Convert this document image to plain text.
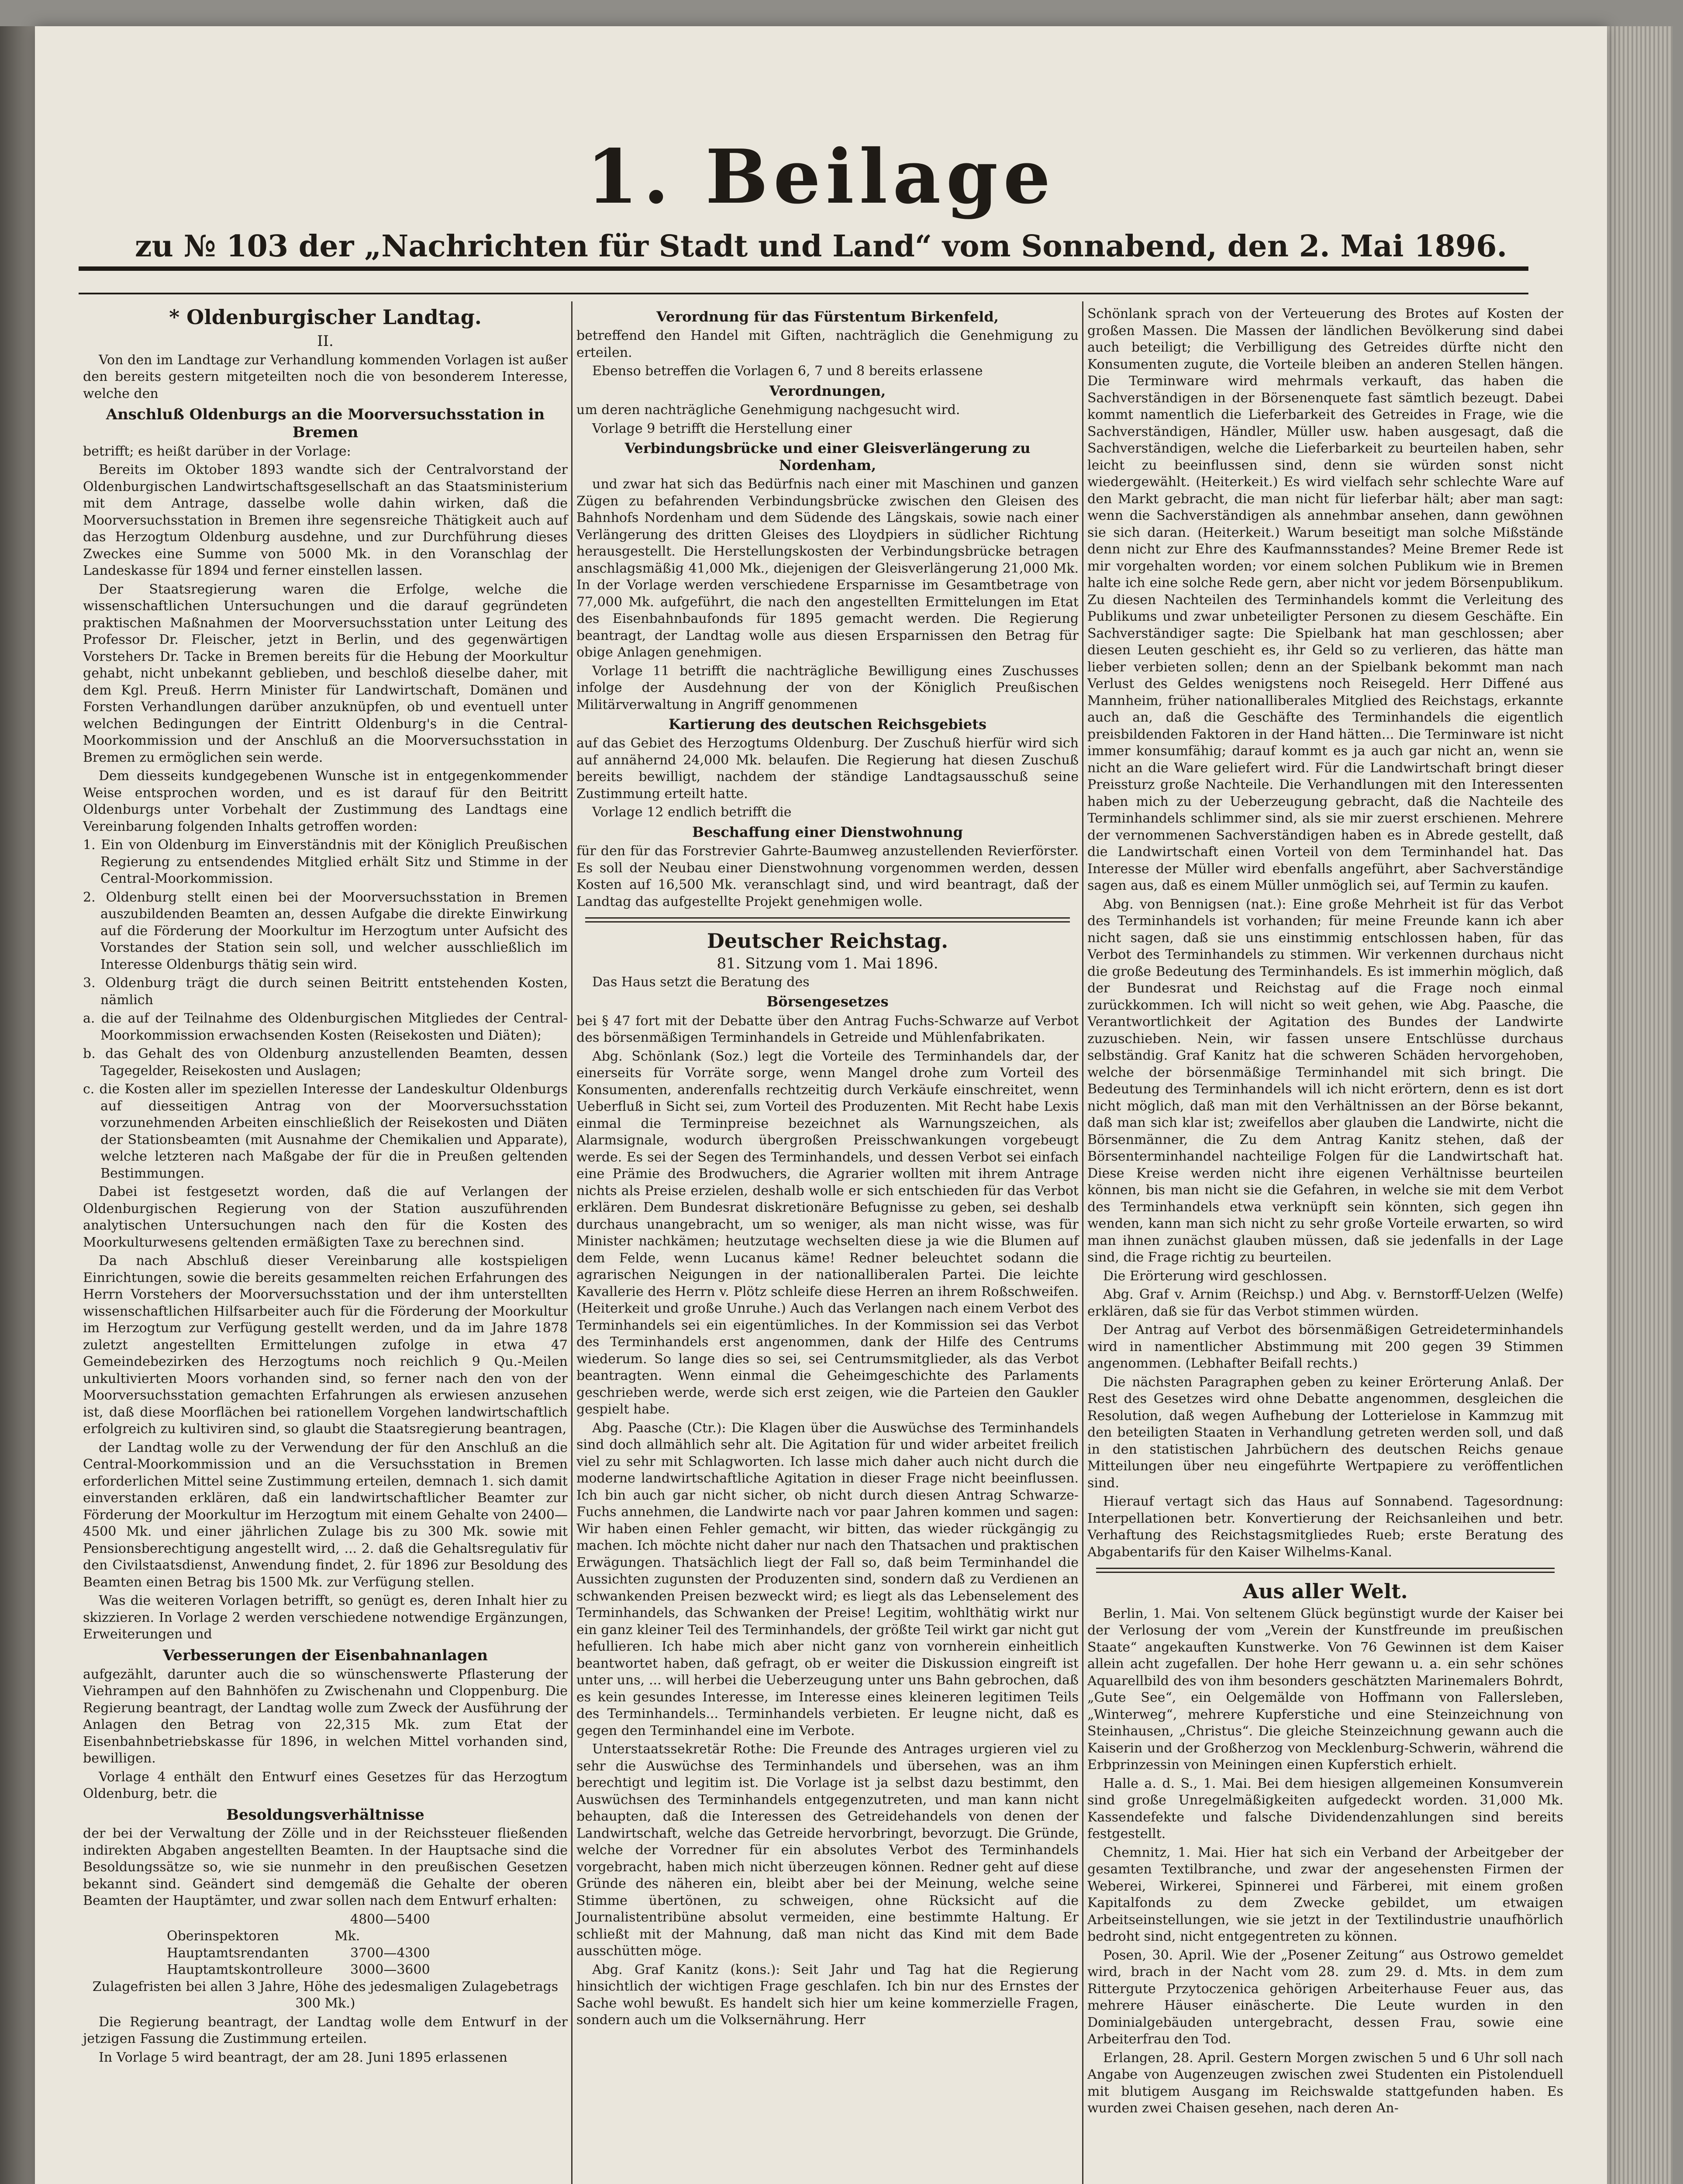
1. Beilage
zu № 103 der „Nachrichten für Stadt und Land“ vom Sonnabend, den 2. Mai 1896.
* Oldenburgischer Landtag.
II.

Von den im Landtage zur Verhandlung kommenden Vorlagen ist außer den bereits gestern mitgeteilten noch die von besonderem Interesse, welche den

Anschluß Oldenburgs an die Moorversuchsstation in Bremen

betrifft; es heißt darüber in der Vorlage:

Bereits im Oktober 1893 wandte sich der Centralvorstand der Oldenburgischen Landwirtschaftsgesellschaft an das Staatsministerium mit dem Antrage, dasselbe wolle dahin wirken, daß die Moorversuchsstation in Bremen ihre segensreiche Thätigkeit auch auf das Herzogtum Oldenburg ausdehne, und zur Durchführung dieses Zweckes eine Summe von 5000 Mk. in den Voranschlag der Landeskasse für 1894 und ferner einstellen lassen.

Der Staatsregierung waren die Erfolge, welche die wissenschaftlichen Untersuchungen und die darauf gegründeten praktischen Maßnahmen der Moorversuchsstation unter Leitung des Professor Dr. Fleischer, jetzt in Berlin, und des gegenwärtigen Vorstehers Dr. Tacke in Bremen bereits für die Hebung der Moorkultur gehabt, nicht unbekannt geblieben, und beschloß dieselbe daher, mit dem Kgl. Preuß. Herrn Minister für Landwirtschaft, Domänen und Forsten Verhandlungen darüber anzuknüpfen, ob und eventuell unter welchen Bedingungen der Eintritt Oldenburg's in die Central-Moorkommission und der Anschluß an die Moorversuchsstation in Bremen zu ermöglichen sein werde.

Dem diesseits kundgegebenen Wunsche ist in entgegenkommender Weise entsprochen worden, und es ist darauf für den Beitritt Oldenburgs unter Vorbehalt der Zustimmung des Landtags eine Vereinbarung folgenden Inhalts getroffen worden:

1. Ein von Oldenburg im Einverständnis mit der Königlich Preußischen Regierung zu entsendendes Mitglied erhält Sitz und Stimme in der Central-Moorkommission.

2. Oldenburg stellt einen bei der Moorversuchsstation in Bremen auszubildenden Beamten an, dessen Aufgabe die direkte Einwirkung auf die Förderung der Moorkultur im Herzogtum unter Aufsicht des Vorstandes der Station sein soll, und welcher ausschließlich im Interesse Oldenburgs thätig sein wird.

3. Oldenburg trägt die durch seinen Beitritt entstehenden Kosten, nämlich

a. die auf der Teilnahme des Oldenburgischen Mitgliedes der Central-Moorkommission erwachsenden Kosten (Reisekosten und Diäten);

b. das Gehalt des von Oldenburg anzustellenden Beamten, dessen Tagegelder, Reisekosten und Auslagen;

c. die Kosten aller im speziellen Interesse der Landeskultur Oldenburgs auf diesseitigen Antrag von der Moorversuchsstation vorzunehmenden Arbeiten einschließlich der Reisekosten und Diäten der Stationsbeamten (mit Ausnahme der Chemikalien und Apparate), welche letzteren nach Maßgabe der für die in Preußen geltenden Bestimmungen.

Dabei ist festgesetzt worden, daß die auf Verlangen der Oldenburgischen Regierung von der Station auszuführenden analytischen Untersuchungen nach den für die Kosten des Moorkulturwesens geltenden ermäßigten Taxe zu berechnen sind.

Da nach Abschluß dieser Vereinbarung alle kostspieligen Einrichtungen, sowie die bereits gesammelten reichen Erfahrungen des Herrn Vorstehers der Moorversuchsstation und der ihm unterstellten wissenschaftlichen Hilfsarbeiter auch für die Förderung der Moorkultur im Herzogtum zur Verfügung gestellt werden, und da im Jahre 1878 zuletzt angestellten Ermittelungen zufolge in etwa 47 Gemeindebezirken des Herzogtums noch reichlich 9 Qu.-Meilen unkultivierten Moors vorhanden sind, so ferner nach den von der Moorversuchsstation gemachten Erfahrungen als erwiesen anzusehen ist, daß diese Moorflächen bei rationellem Vorgehen landwirtschaftlich erfolgreich zu kultiviren sind, so glaubt die Staatsregierung beantragen,

der Landtag wolle zu der Verwendung der für den Anschluß an die Central-Moorkommission und an die Versuchsstation in Bremen erforderlichen Mittel seine Zustimmung erteilen, demnach 1. sich damit einverstanden erklären, daß ein landwirtschaftlicher Beamter zur Förderung der Moorkultur im Herzogtum mit einem Gehalte von 2400—4500 Mk. und einer jährlichen Zulage bis zu 300 Mk. sowie mit Pensionsberechtigung angestellt wird, ... 2. daß die Gehaltsregulativ für den Civilstaatsdienst, Anwendung findet, 2. für 1896 zur Besoldung des Beamten einen Betrag bis 1500 Mk. zur Verfügung stellen.

Was die weiteren Vorlagen betrifft, so genügt es, deren Inhalt hier zu skizzieren. In Vorlage 2 werden verschiedene notwendige Ergänzungen, Erweiterungen und

Verbesserungen der Eisenbahnanlagen

aufgezählt, darunter auch die so wünschenswerte Pflasterung der Viehrampen auf den Bahnhöfen zu Zwischenahn und Cloppenburg. Die Regierung beantragt, der Landtag wolle zum Zweck der Ausführung der Anlagen den Betrag von 22,315 Mk. zum Etat der Eisenbahnbetriebskasse für 1896, in welchen Mittel vorhanden sind, bewilligen.

Vorlage 4 enthält den Entwurf eines Gesetzes für das Herzogtum Oldenburg, betr. die

Besoldungsverhältnisse

der bei der Verwaltung der Zölle und in der Reichssteuer fließenden indirekten Abgaben angestellten Beamten. In der Hauptsache sind die Besoldungssätze so, wie sie nunmehr in den preußischen Gesetzen bekannt sind. Geändert sind demgemäß die Gehalte der oberen Beamten der Hauptämter, und zwar sollen nach dem Entwurf erhalten:

Oberinspektoren4800—5400 Mk.

Hauptamtsrendanten	3700—4300

Hauptamtskontrolleure 3000—3600

Zulagefristen bei allen 3 Jahre, Höhe des jedesmaligen Zulagebetrags 300 Mk.)

Die Regierung beantragt, der Landtag wolle dem Entwurf in der jetzigen Fassung die Zustimmung erteilen.

In Vorlage 5 wird beantragt, der am 28. Juni 1895 erlassenen

Verordnung für das Fürstentum Birkenfeld,

betreffend den Handel mit Giften, nachträglich die Genehmigung zu erteilen.

Ebenso betreffen die Vorlagen 6, 7 und 8 bereits erlassene

Verordnungen,

um deren nachträgliche Genehmigung nachgesucht wird.

Vorlage 9 betrifft die Herstellung einer

Verbindungsbrücke und einer Gleisverlängerung zu Nordenham,

und zwar hat sich das Bedürfnis nach einer mit Maschinen und ganzen Zügen zu befahrenden Verbindungsbrücke zwischen den Gleisen des Bahnhofs Nordenham und dem Südende des Längskais, sowie nach einer Verlängerung des dritten Gleises des Lloydpiers in südlicher Richtung herausgestellt. Die Herstellungskosten der Verbindungsbrücke betragen anschlagsmäßig 41,000 Mk., diejenigen der Gleisverlängerung 21,000 Mk. In der Vorlage werden verschiedene Ersparnisse im Gesamtbetrage von 77,000 Mk. aufgeführt, die nach den angestellten Ermittelungen im Etat des Eisenbahnbaufonds für 1895 gemacht werden. Die Regierung beantragt, der Landtag wolle aus diesen Ersparnissen den Betrag für obige Anlagen genehmigen.

Vorlage 11 betrifft die nachträgliche Bewilligung eines Zuschusses infolge der Ausdehnung der von der Königlich Preußischen Militärverwaltung in Angriff genommenen

Kartierung des deutschen Reichsgebiets

auf das Gebiet des Herzogtums Oldenburg. Der Zuschuß hierfür wird sich auf annähernd 24,000 Mk. belaufen. Die Regierung hat diesen Zuschuß bereits bewilligt, nachdem der ständige Landtagsausschuß seine Zustimmung erteilt hatte.

Vorlage 12 endlich betrifft die

Beschaffung einer Dienstwohnung

für den für das Forstrevier Gahrte-Baumweg anzustellenden Revierförster. Es soll der Neubau einer Dienstwohnung vorgenommen werden, dessen Kosten auf 16,500 Mk. veranschlagt sind, und wird beantragt, daß der Landtag das aufgestellte Projekt genehmigen wolle.

Deutscher Reichstag.

81. Sitzung vom 1. Mai 1896.

Das Haus setzt die Beratung des

Börsengesetzes

bei § 47 fort mit der Debatte über den Antrag Fuchs-Schwarze auf Verbot des börsenmäßigen Terminhandels in Getreide und Mühlenfabrikaten.

Abg. Schönlank (Soz.) legt die Vorteile des Terminhandels dar, der einerseits für Vorräte sorge, wenn Mangel drohe zum Vorteil des Konsumenten, anderenfalls rechtzeitig durch Verkäufe einschreitet, wenn Ueberfluß in Sicht sei, zum Vorteil des Produzenten. Mit Recht habe Lexis einmal die Terminpreise bezeichnet als Warnungszeichen, als Alarmsignale, wodurch übergroßen Preisschwankungen vorgebeugt werde. Es sei der Segen des Terminhandels, und dessen Verbot sei einfach eine Prämie des Brodwuchers, die Agrarier wollten mit ihrem Antrage nichts als Preise erzielen, deshalb wolle er sich entschieden für das Verbot erklären. Dem Bundesrat diskretionäre Befugnisse zu geben, sei deshalb durchaus unangebracht, um so weniger, als man nicht wisse, was für Minister nachkämen; heutzutage wechselten diese ja wie die Blumen auf dem Felde, wenn Lucanus käme! Redner beleuchtet sodann die agrarischen Neigungen in der nationalliberalen Partei. Die leichte Kavallerie des Herrn v. Plötz schleife diese Herren an ihrem Roßschweifen. (Heiterkeit und große Unruhe.) Auch das Verlangen nach einem Verbot des Terminhandels sei ein eigentümliches. In der Kommission sei das Verbot des Terminhandels erst angenommen, dank der Hilfe des Centrums wiederum. So lange dies so sei, sei Centrumsmitglieder, als das Verbot beantragten. Wenn einmal die Geheimgeschichte des Parlaments geschrieben werde, werde sich erst zeigen, wie die Parteien den Gaukler gespielt habe.

Abg. Paasche (Ctr.): Die Klagen über die Auswüchse des Terminhandels sind doch allmählich sehr alt. Die Agitation für und wider arbeitet freilich viel zu sehr mit Schlagworten. Ich lasse mich daher auch nicht durch die moderne landwirtschaftliche Agitation in dieser Frage nicht beeinflussen. Ich bin auch gar nicht sicher, ob nicht durch diesen Antrag Schwarze-Fuchs annehmen, die Landwirte nach vor paar Jahren kommen und sagen: Wir haben einen Fehler gemacht, wir bitten, das wieder rückgängig zu machen. Ich möchte nicht daher nur nach den Thatsachen und praktischen Erwägungen. Thatsächlich liegt der Fall so, daß beim Terminhandel die Aussichten zugunsten der Produzenten sind, sondern daß zu Verdienen an schwankenden Preisen bezweckt wird; es liegt als das Lebenselement des Terminhandels, das Schwanken der Preise! Legitim, wohlthätig wirkt nur ein ganz kleiner Teil des Terminhandels, der größte Teil wirkt gar nicht gut hefullieren. Ich habe mich aber nicht ganz von vornherein einheitlich beantwortet haben, daß gefragt, ob er weiter die Diskussion eingreift ist unter uns, ... will herbei die Ueberzeugung unter uns Bahn gebrochen, daß es kein gesundes Interesse, im Interesse eines kleineren legitimen Teils des Terminhandels... Terminhandels verbieten. Er leugne nicht, daß es gegen den Terminhandel eine im Verbote.

Unterstaatssekretär Rothe: Die Freunde des Antrages urgieren viel zu sehr die Auswüchse des Terminhandels und übersehen, was an ihm berechtigt und legitim ist. Die Vorlage ist ja selbst dazu bestimmt, den Auswüchsen des Terminhandels entgegenzutreten, und man kann nicht behaupten, daß die Interessen des Getreidehandels von denen der Landwirtschaft, welche das Getreide hervorbringt, bevorzugt. Die Gründe, welche der Vorredner für ein absolutes Verbot des Terminhandels vorgebracht, haben mich nicht überzeugen können. Redner geht auf diese Gründe des näheren ein, bleibt aber bei der Meinung, welche seine Stimme übertönen, zu schweigen, ohne Rücksicht auf die Journalistentribüne absolut vermeiden, eine bestimmte Haltung. Er schließt mit der Mahnung, daß man nicht das Kind mit dem Bade ausschütten möge.

Abg. Graf Kanitz (kons.): Seit Jahr und Tag hat die Regierung hinsichtlich der wichtigen Frage geschlafen. Ich bin nur des Ernstes der Sache wohl bewußt. Es handelt sich hier um keine kommerzielle Fragen, sondern auch um die Volksernährung. Herr

Schönlank sprach von der Verteuerung des Brotes auf Kosten der großen Massen. Die Massen der ländlichen Bevölkerung sind dabei auch beteiligt; die Verbilligung des Getreides dürfte nicht den Konsumenten zugute, die Vorteile bleiben an anderen Stellen hängen. Die Terminware wird mehrmals verkauft, das haben die Sachverständigen in der Börsenenquete fast sämtlich bezeugt. Dabei kommt namentlich die Lieferbarkeit des Getreides in Frage, wie die Sachverständigen, Händler, Müller usw. haben ausgesagt, daß die Sachverständigen, welche die Lieferbarkeit zu beurteilen haben, sehr leicht zu beeinflussen sind, denn sie würden sonst nicht wiedergewählt. (Heiterkeit.) Es wird vielfach sehr schlechte Ware auf den Markt gebracht, die man nicht für lieferbar hält; aber man sagt: wenn die Sachverständigen als annehmbar ansehen, dann gewöhnen sie sich daran. (Heiterkeit.) Warum beseitigt man solche Mißstände denn nicht zur Ehre des Kaufmannsstandes? Meine Bremer Rede ist mir vorgehalten worden; vor einem solchen Publikum wie in Bremen halte ich eine solche Rede gern, aber nicht vor jedem Börsenpublikum. Zu diesen Nachteilen des Terminhandels kommt die Verleitung des Publikums und zwar unbeteiligter Personen zu diesem Geschäfte. Ein Sachverständiger sagte: Die Spielbank hat man geschlossen; aber diesen Leuten geschieht es, ihr Geld so zu verlieren, das hätte man lieber verbieten sollen; denn an der Spielbank bekommt man nach Verlust des Geldes wenigstens noch Reisegeld. Herr Diffené aus Mannheim, früher nationalliberales Mitglied des Reichstags, erkannte auch an, daß die Geschäfte des Terminhandels die eigentlich preisbildenden Faktoren in der Hand hätten... Die Terminware ist nicht immer konsumfähig; darauf kommt es ja auch gar nicht an, wenn sie nicht an die Ware geliefert wird. Für die Landwirtschaft bringt dieser Preissturz große Nachteile. Die Verhandlungen mit den Interessenten haben mich zu der Ueberzeugung gebracht, daß die Nachteile des Terminhandels schlimmer sind, als sie mir zuerst erschienen. Mehrere der vernommenen Sachverständigen haben es in Abrede gestellt, daß die Landwirtschaft einen Vorteil von dem Terminhandel hat. Das Interesse der Müller wird ebenfalls angeführt, aber Sachverständige sagen aus, daß es einem Müller unmöglich sei, auf Termin zu kaufen.

Abg. von Bennigsen (nat.): Eine große Mehrheit ist für das Verbot des Terminhandels ist vorhanden; für meine Freunde kann ich aber nicht sagen, daß sie uns einstimmig entschlossen haben, für das Verbot des Terminhandels zu stimmen. Wir verkennen durchaus nicht die große Bedeutung des Terminhandels. Es ist immerhin möglich, daß der Bundesrat und Reichstag auf die Frage noch einmal zurückkommen. Ich will nicht so weit gehen, wie Abg. Paasche, die Verantwortlichkeit der Agitation des Bundes der Landwirte zuzuschieben. Nein, wir fassen unsere Entschlüsse durchaus selbständig. Graf Kanitz hat die schweren Schäden hervorgehoben, welche der börsenmäßige Terminhandel mit sich bringt. Die Bedeutung des Terminhandels will ich nicht erörtern, denn es ist dort nicht möglich, daß man mit den Verhältnissen an der Börse bekannt, daß man sich klar ist; zweifellos aber glauben die Landwirte, nicht die Börsenmänner, die Zu dem Antrag Kanitz stehen, daß der Börsenterminhandel nachteilige Folgen für die Landwirtschaft hat. Diese Kreise werden nicht ihre eigenen Verhältnisse beurteilen können, bis man nicht sie die Gefahren, in welche sie mit dem Verbot des Terminhandels etwa verknüpft sein könnten, sich gegen ihn wenden, kann man sich nicht zu sehr große Vorteile erwarten, so wird man ihnen zunächst glauben müssen, daß sie jedenfalls in der Lage sind, die Frage richtig zu beurteilen.

Die Erörterung wird geschlossen.

Abg. Graf v. Arnim (Reichsp.) und Abg. v. Bernstorff-Uelzen (Welfe) erklären, daß sie für das Verbot stimmen würden.

Der Antrag auf Verbot des börsenmäßigen Getreideterminhandels wird in namentlicher Abstimmung mit 200 gegen 39 Stimmen angenommen. (Lebhafter Beifall rechts.)

Die nächsten Paragraphen geben zu keiner Erörterung Anlaß. Der Rest des Gesetzes wird ohne Debatte angenommen, desgleichen die Resolution, daß wegen Aufhebung der Lotterielose in Kammzug mit den beteiligten Staaten in Verhandlung getreten werden soll, und daß in den statistischen Jahrbüchern des deutschen Reichs genaue Mitteilungen über neu eingeführte Wertpapiere zu veröffentlichen sind.

Hierauf vertagt sich das Haus auf Sonnabend. Tagesordnung: Interpellationen betr. Konvertierung der Reichsanleihen und betr. Verhaftung des Reichstagsmitgliedes Rueb; erste Beratung des Abgabentarifs für den Kaiser Wilhelms-Kanal.

Aus aller Welt.

Berlin, 1. Mai. Von seltenem Glück begünstigt wurde der Kaiser bei der Verlosung der vom „Verein der Kunstfreunde im preußischen Staate“ angekauften Kunstwerke. Von 76 Gewinnen ist dem Kaiser allein acht zugefallen. Der hohe Herr gewann u. a. ein sehr schönes Aquarellbild des von ihm besonders geschätzten Marinemalers Bohrdt, „Gute See“, ein Oelgemälde von Hoffmann von Fallersleben, „Winterweg“, mehrere Kupferstiche und eine Steinzeichnung von Steinhausen, „Christus“. Die gleiche Steinzeichnung gewann auch die Kaiserin und der Großherzog von Mecklenburg-Schwerin, während die Erbprinzessin von Meiningen einen Kupferstich erhielt.

Halle a. d. S., 1. Mai. Bei dem hiesigen allgemeinen Konsumverein sind große Unregelmäßigkeiten aufgedeckt worden. 31,000 Mk. Kassendefekte und falsche Dividendenzahlungen sind bereits festgestellt.

Chemnitz, 1. Mai. Hier hat sich ein Verband der Arbeitgeber der gesamten Textilbranche, und zwar der angesehensten Firmen der Weberei, Wirkerei, Spinnerei und Färberei, mit einem großen Kapitalfonds zu dem Zwecke gebildet, um etwaigen Arbeitseinstellungen, wie sie jetzt in der Textilindustrie unaufhörlich bedroht sind, nicht entgegentreten zu können.

Posen, 30. April. Wie der „Posener Zeitung“ aus Ostrowo gemeldet wird, brach in der Nacht vom 28. zum 29. d. Mts. in dem zum Rittergute Przytoczenica gehörigen Arbeiterhause Feuer aus, das mehrere Häuser einäscherte. Die Leute wurden in den Dominialgebäuden untergebracht, dessen Frau, sowie eine Arbeiterfrau den Tod.

Erlangen, 28. April. Gestern Morgen zwischen 5 und 6 Uhr soll nach Angabe von Augenzeugen zwischen zwei Studenten ein Pistolenduell mit blutigem Ausgang im Reichswalde stattgefunden haben. Es wurden zwei Chaisen gesehen, nach deren An-
